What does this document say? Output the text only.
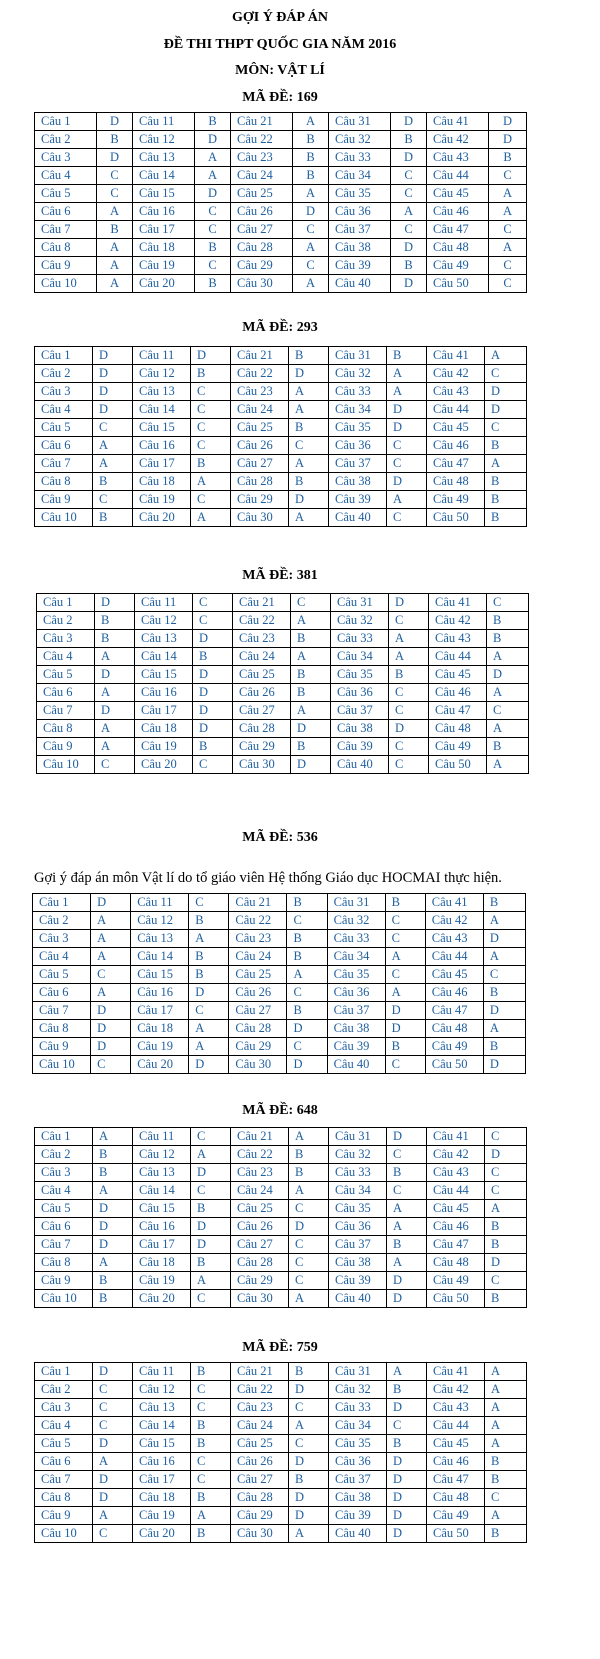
GỢI Ý ĐÁP ÁN
ĐỀ THI THPT QUỐC GIA NĂM 2016
MÔN: VẬT LÍ
MÃ ĐỀ: 169
Câu 1	D	Câu 11	B	Câu 21	A	Câu 31	D	Câu 41	D
Câu 2	B	Câu 12	D	Câu 22	B	Câu 32	B	Câu 42	D
Câu 3	D	Câu 13	A	Câu 23	B	Câu 33	D	Câu 43	B
Câu 4	C	Câu 14	A	Câu 24	B	Câu 34	C	Câu 44	C
Câu 5	C	Câu 15	D	Câu 25	A	Câu 35	C	Câu 45	A
Câu 6	A	Câu 16	C	Câu 26	D	Câu 36	A	Câu 46	A
Câu 7	B	Câu 17	C	Câu 27	C	Câu 37	C	Câu 47	C
Câu 8	A	Câu 18	B	Câu 28	A	Câu 38	D	Câu 48	A
Câu 9	A	Câu 19	C	Câu 29	C	Câu 39	B	Câu 49	C
Câu 10	A	Câu 20	B	Câu 30	A	Câu 40	D	Câu 50	C
MÃ ĐỀ: 293
Câu 1	D	Câu 11	D	Câu 21	B	Câu 31	B	Câu 41	A
Câu 2	D	Câu 12	B	Câu 22	D	Câu 32	A	Câu 42	C
Câu 3	D	Câu 13	C	Câu 23	A	Câu 33	A	Câu 43	D
Câu 4	D	Câu 14	C	Câu 24	A	Câu 34	D	Câu 44	D
Câu 5	C	Câu 15	C	Câu 25	B	Câu 35	D	Câu 45	C
Câu 6	A	Câu 16	C	Câu 26	C	Câu 36	C	Câu 46	B
Câu 7	A	Câu 17	B	Câu 27	A	Câu 37	C	Câu 47	A
Câu 8	B	Câu 18	A	Câu 28	B	Câu 38	D	Câu 48	B
Câu 9	C	Câu 19	C	Câu 29	D	Câu 39	A	Câu 49	B
Câu 10	B	Câu 20	A	Câu 30	A	Câu 40	C	Câu 50	B
MÃ ĐỀ: 381
Câu 1	D	Câu 11	C	Câu 21	C	Câu 31	D	Câu 41	C
Câu 2	B	Câu 12	C	Câu 22	A	Câu 32	C	Câu 42	B
Câu 3	B	Câu 13	D	Câu 23	B	Câu 33	A	Câu 43	B
Câu 4	A	Câu 14	B	Câu 24	A	Câu 34	A	Câu 44	A
Câu 5	D	Câu 15	D	Câu 25	B	Câu 35	B	Câu 45	D
Câu 6	A	Câu 16	D	Câu 26	B	Câu 36	C	Câu 46	A
Câu 7	D	Câu 17	D	Câu 27	A	Câu 37	C	Câu 47	C
Câu 8	A	Câu 18	D	Câu 28	D	Câu 38	D	Câu 48	A
Câu 9	A	Câu 19	B	Câu 29	B	Câu 39	C	Câu 49	B
Câu 10	C	Câu 20	C	Câu 30	D	Câu 40	C	Câu 50	A
MÃ ĐỀ: 536
Gợi ý đáp án môn Vật lí do tổ giáo viên Hệ thống Giáo dục HOCMAI thực hiện.
Câu 1	D	Câu 11	C	Câu 21	B	Câu 31	B	Câu 41	B
Câu 2	A	Câu 12	B	Câu 22	C	Câu 32	C	Câu 42	A
Câu 3	A	Câu 13	A	Câu 23	B	Câu 33	C	Câu 43	D
Câu 4	A	Câu 14	B	Câu 24	B	Câu 34	A	Câu 44	A
Câu 5	C	Câu 15	B	Câu 25	A	Câu 35	C	Câu 45	C
Câu 6	A	Câu 16	D	Câu 26	C	Câu 36	A	Câu 46	B
Câu 7	D	Câu 17	C	Câu 27	B	Câu 37	D	Câu 47	D
Câu 8	D	Câu 18	A	Câu 28	D	Câu 38	D	Câu 48	A
Câu 9	D	Câu 19	A	Câu 29	C	Câu 39	B	Câu 49	B
Câu 10	C	Câu 20	D	Câu 30	D	Câu 40	C	Câu 50	D
MÃ ĐỀ: 648
Câu 1	A	Câu 11	C	Câu 21	A	Câu 31	D	Câu 41	C
Câu 2	B	Câu 12	A	Câu 22	B	Câu 32	C	Câu 42	D
Câu 3	B	Câu 13	D	Câu 23	B	Câu 33	B	Câu 43	C
Câu 4	A	Câu 14	C	Câu 24	A	Câu 34	C	Câu 44	C
Câu 5	D	Câu 15	B	Câu 25	C	Câu 35	A	Câu 45	A
Câu 6	D	Câu 16	D	Câu 26	D	Câu 36	A	Câu 46	B
Câu 7	D	Câu 17	D	Câu 27	C	Câu 37	B	Câu 47	B
Câu 8	A	Câu 18	B	Câu 28	C	Câu 38	A	Câu 48	D
Câu 9	B	Câu 19	A	Câu 29	C	Câu 39	D	Câu 49	C
Câu 10	B	Câu 20	C	Câu 30	A	Câu 40	D	Câu 50	B
MÃ ĐỀ: 759
Câu 1	D	Câu 11	B	Câu 21	B	Câu 31	A	Câu 41	A
Câu 2	C	Câu 12	C	Câu 22	D	Câu 32	B	Câu 42	A
Câu 3	C	Câu 13	C	Câu 23	C	Câu 33	D	Câu 43	A
Câu 4	C	Câu 14	B	Câu 24	A	Câu 34	C	Câu 44	A
Câu 5	D	Câu 15	B	Câu 25	C	Câu 35	B	Câu 45	A
Câu 6	A	Câu 16	C	Câu 26	D	Câu 36	D	Câu 46	B
Câu 7	D	Câu 17	C	Câu 27	B	Câu 37	D	Câu 47	B
Câu 8	D	Câu 18	B	Câu 28	D	Câu 38	D	Câu 48	C
Câu 9	A	Câu 19	A	Câu 29	D	Câu 39	D	Câu 49	A
Câu 10	C	Câu 20	B	Câu 30	A	Câu 40	D	Câu 50	B
